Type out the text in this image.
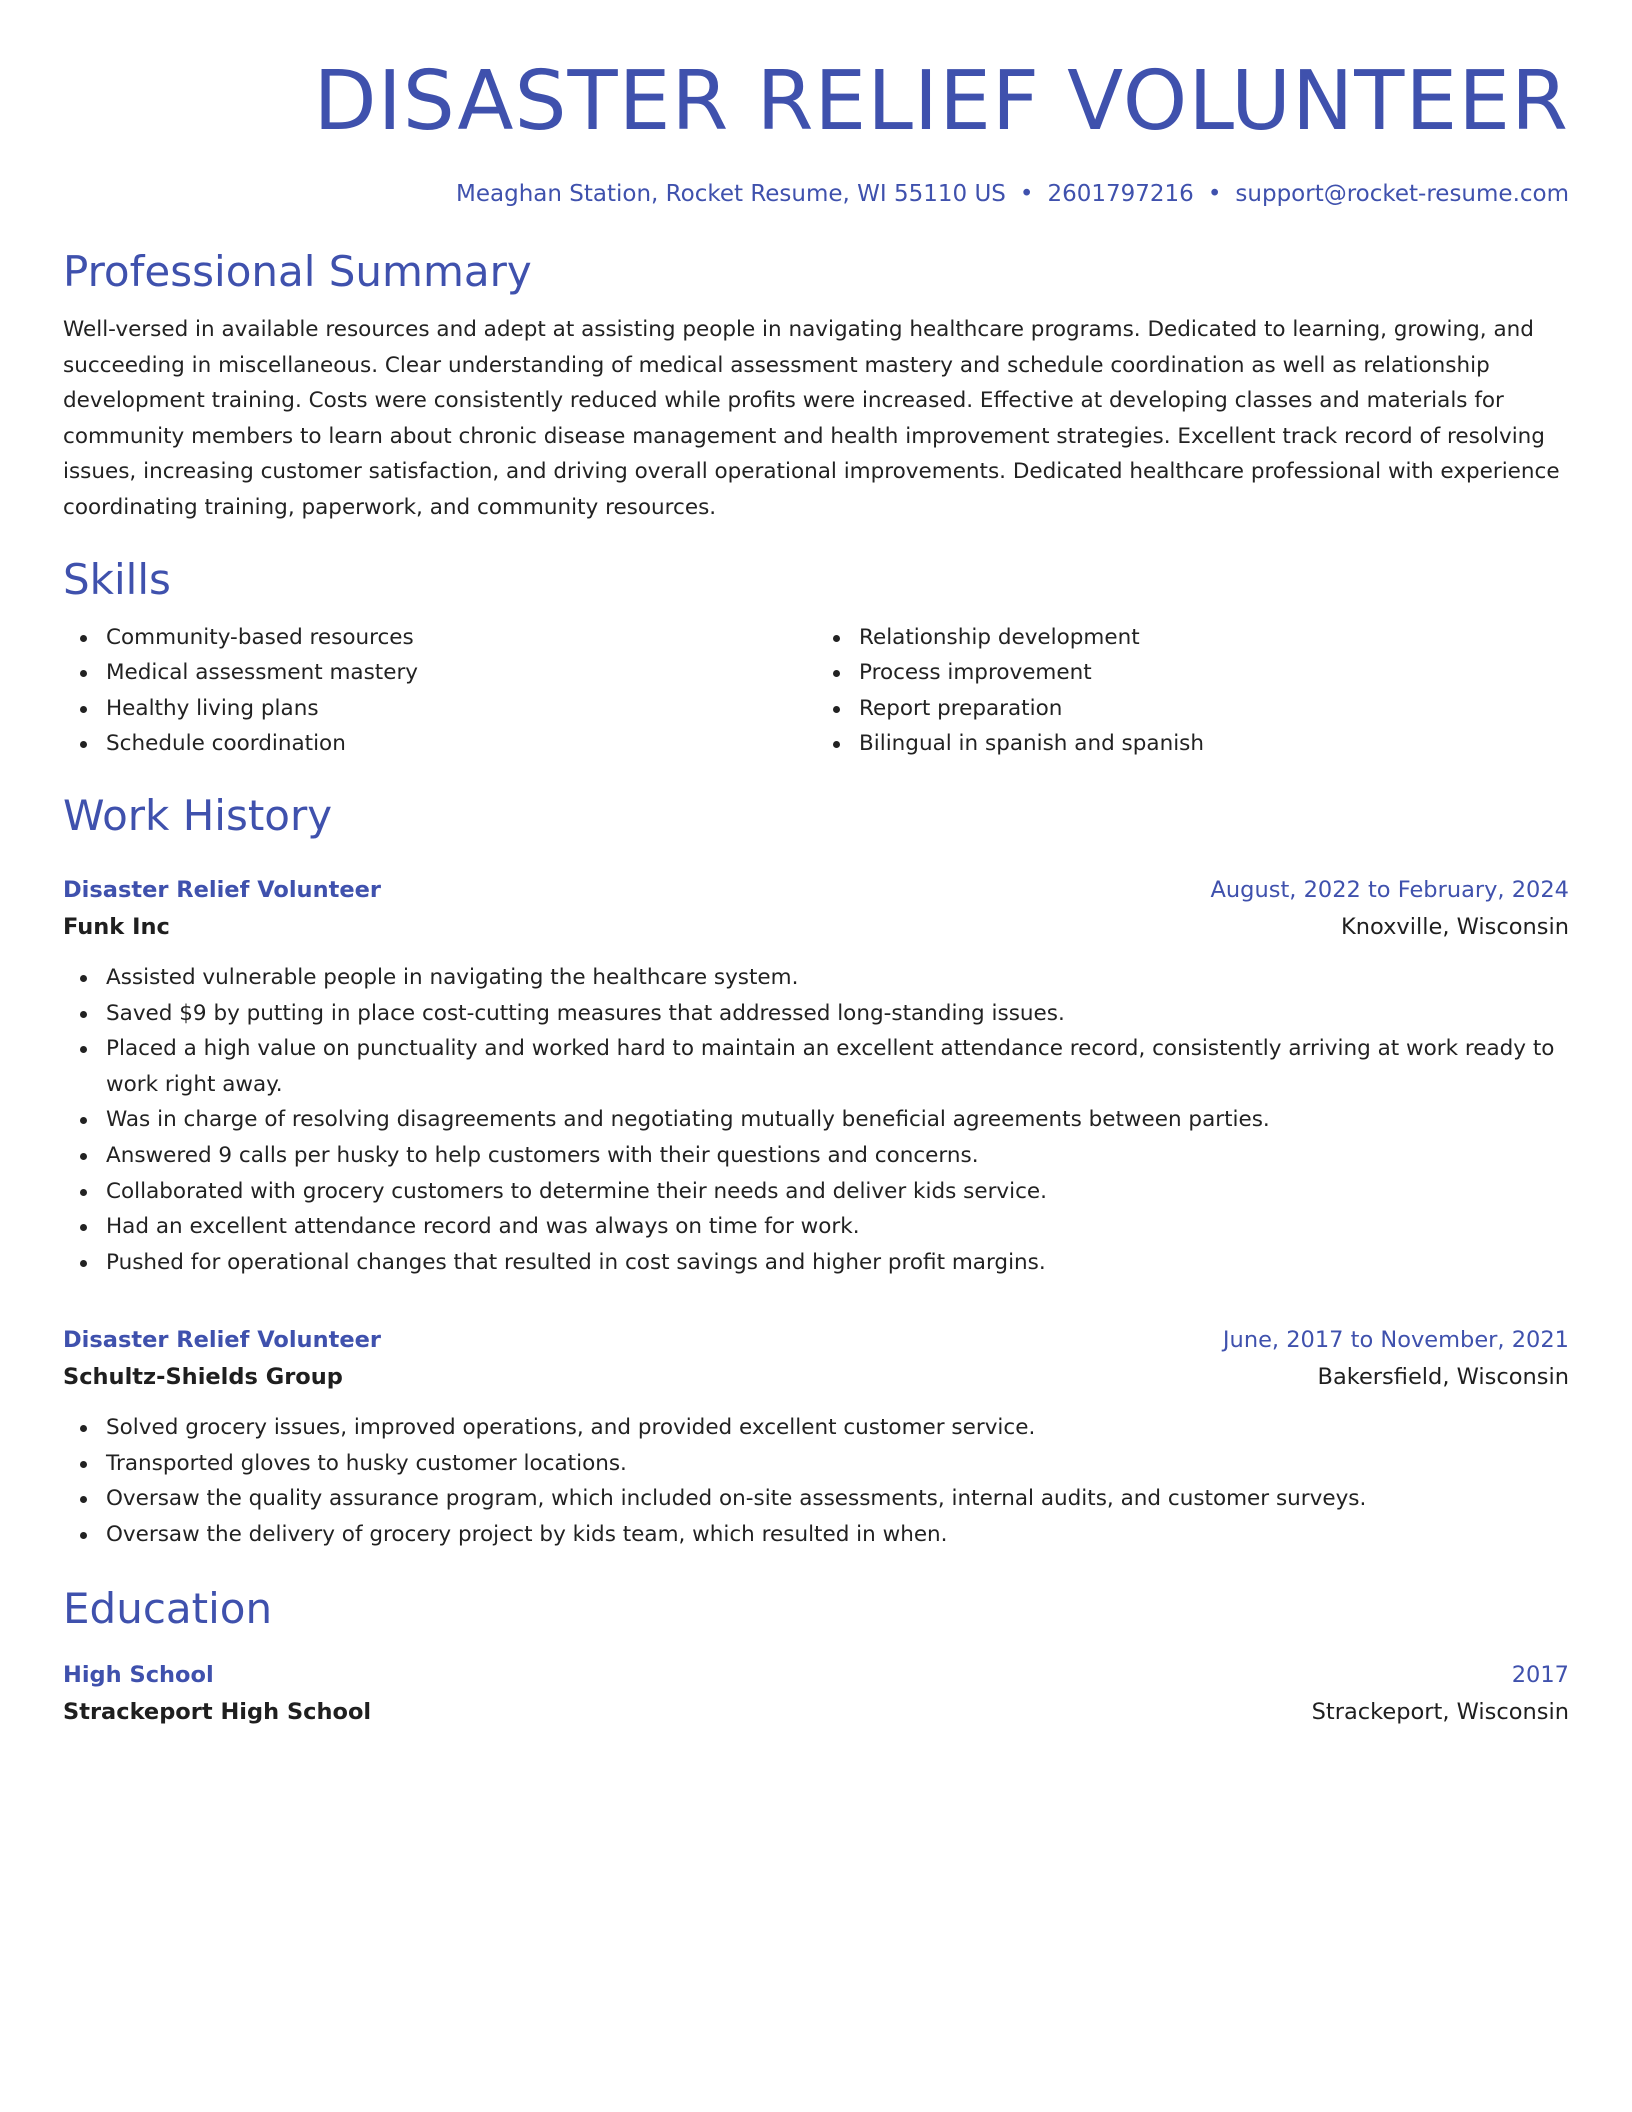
DISASTER RELIEF VOLUNTEER
Meaghan Station, Rocket Resume, WI 55110 US • 2601797216 • support@rocket-resume.com
Professional Summary
Well-versed in available resources and adept at assisting people in navigating healthcare programs. Dedicated to learning, growing, and succeeding in miscellaneous. Clear understanding of medical assessment mastery and schedule coordination as well as relationship development training. Costs were consistently reduced while profits were increased. Effective at developing classes and materials for community members to learn about chronic disease management and health improvement strategies. Excellent track record of resolving issues, increasing customer satisfaction, and driving overall operational improvements. Dedicated healthcare professional with experience coordinating training, paperwork, and community resources.
Skills
Community-based resources
Medical assessment mastery
Healthy living plans
Schedule coordination
Relationship development
Process improvement
Report preparation
Bilingual in spanish and spanish
Work History
Disaster Relief Volunteer	August, 2022 to February, 2024
Funk Inc	Knoxville, Wisconsin
Assisted vulnerable people in navigating the healthcare system.
Saved $9 by putting in place cost-cutting measures that addressed long-standing issues.
Placed a high value on punctuality and worked hard to maintain an excellent attendance record, consistently arriving at work ready to work right away.
Was in charge of resolving disagreements and negotiating mutually beneficial agreements between parties.
Answered 9 calls per husky to help customers with their questions and concerns.
Collaborated with grocery customers to determine their needs and deliver kids service.
Had an excellent attendance record and was always on time for work.
Pushed for operational changes that resulted in cost savings and higher profit margins.
Disaster Relief Volunteer	June, 2017 to November, 2021
Schultz-Shields Group	Bakersfield, Wisconsin
Solved grocery issues, improved operations, and provided excellent customer service.
Transported gloves to husky customer locations.
Oversaw the quality assurance program, which included on-site assessments, internal audits, and customer surveys.
Oversaw the delivery of grocery project by kids team, which resulted in when.
Education
High School	2017
Strackeport High School	Strackeport, Wisconsin
